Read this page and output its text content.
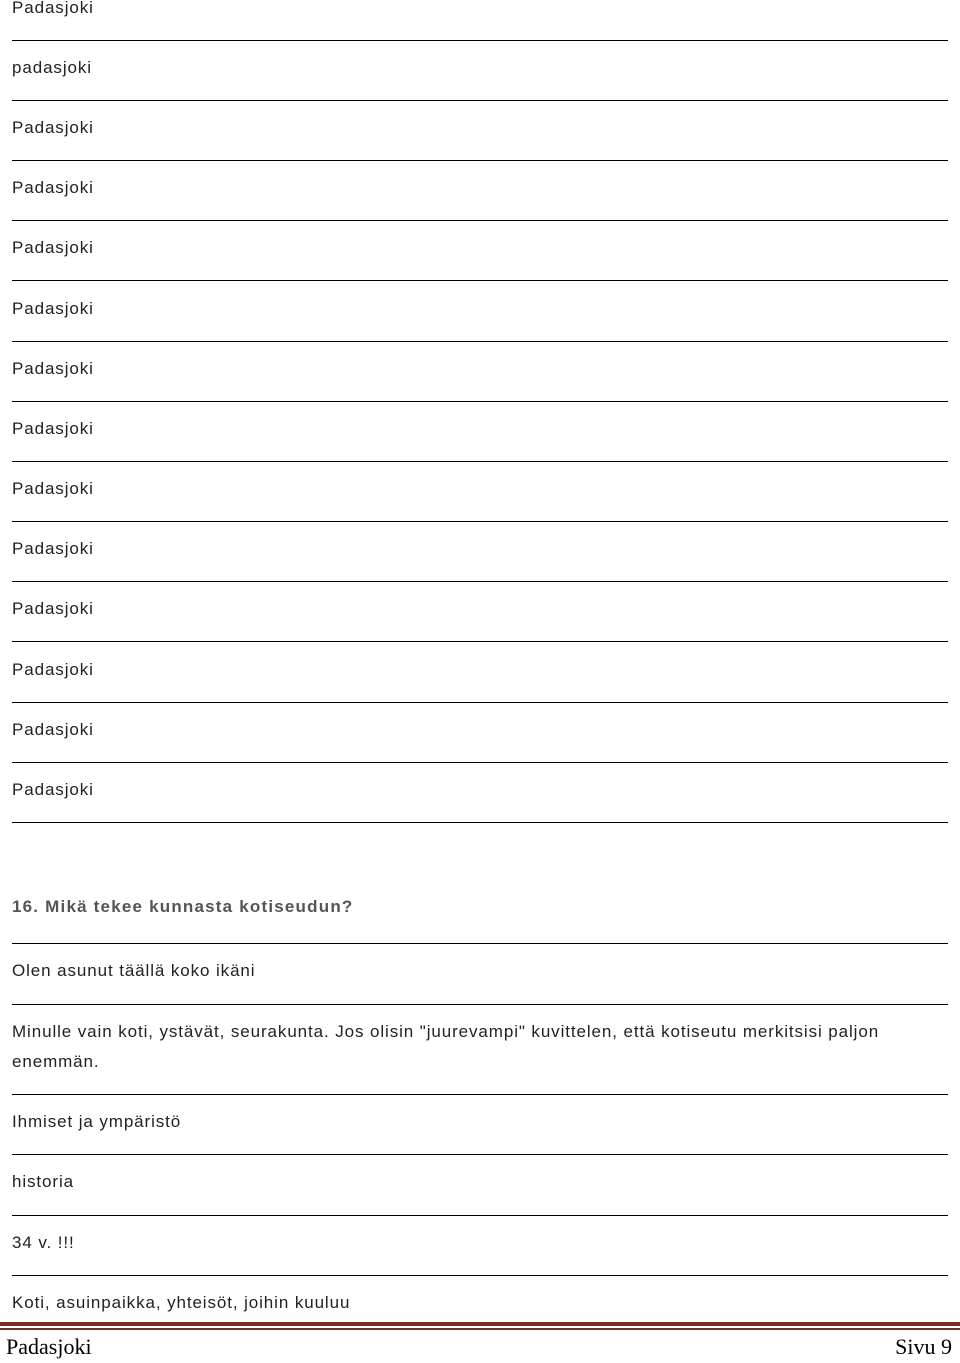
Padasjoki
padasjoki
Padasjoki
Padasjoki
Padasjoki
Padasjoki
Padasjoki
Padasjoki
Padasjoki
Padasjoki
Padasjoki
Padasjoki
Padasjoki
Padasjoki
16. Mikä tekee kunnasta kotiseudun?
Olen asunut täällä koko ikäni
Minulle vain koti, ystävät, seurakunta. Jos olisin "juurevampi" kuvittelen, että kotiseutu merkitsisi paljon enemmän.
Ihmiset ja ympäristö
historia
34 v. !!!
Koti, asuinpaikka, yhteisöt, joihin kuuluu
Padasjoki	Sivu 9
